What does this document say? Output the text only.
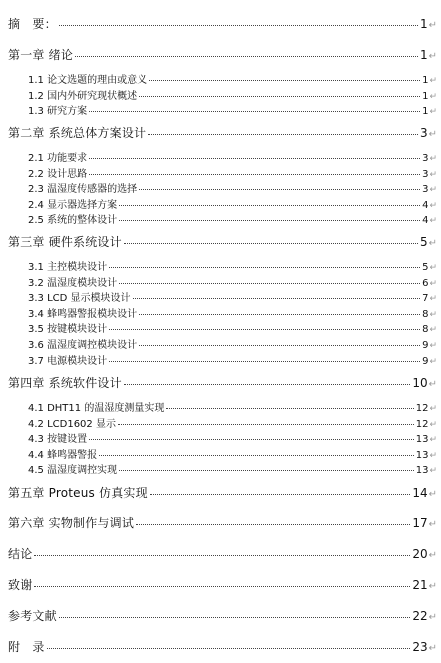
摘　要：	1 ↵
第一章 绪论	1 ↵
1.1 论文选题的理由或意义	1 ↵
1.2 国内外研究现状概述	1 ↵
1.3 研究方案	1 ↵
第二章 系统总体方案设计	3 ↵
2.1 功能要求	3 ↵
2.2 设计思路	3 ↵
2.3 温湿度传感器的选择	3 ↵
2.4 显示器选择方案	4 ↵
2.5 系统的整体设计	4 ↵
第三章 硬件系统设计	5 ↵
3.1 主控模块设计	5 ↵
3.2 温湿度模块设计	6 ↵
3.3 LCD 显示模块设计	7 ↵
3.4 蜂鸣器警报模块设计	8 ↵
3.5 按键模块设计	8 ↵
3.6 温湿度调控模块设计	9 ↵
3.7 电源模块设计	9 ↵
第四章 系统软件设计	10 ↵
4.1 DHT11 的温湿度测量实现	12 ↵
4.2 LCD1602 显示	12 ↵
4.3 按键设置	13 ↵
4.4 蜂鸣器警报	13 ↵
4.5 温湿度调控实现	13 ↵
第五章 Proteus 仿真实现	14 ↵
第六章 实物制作与调试	17 ↵
结论	20 ↵
致谢	21 ↵
参考文献	22 ↵
附　录	23 ↵
